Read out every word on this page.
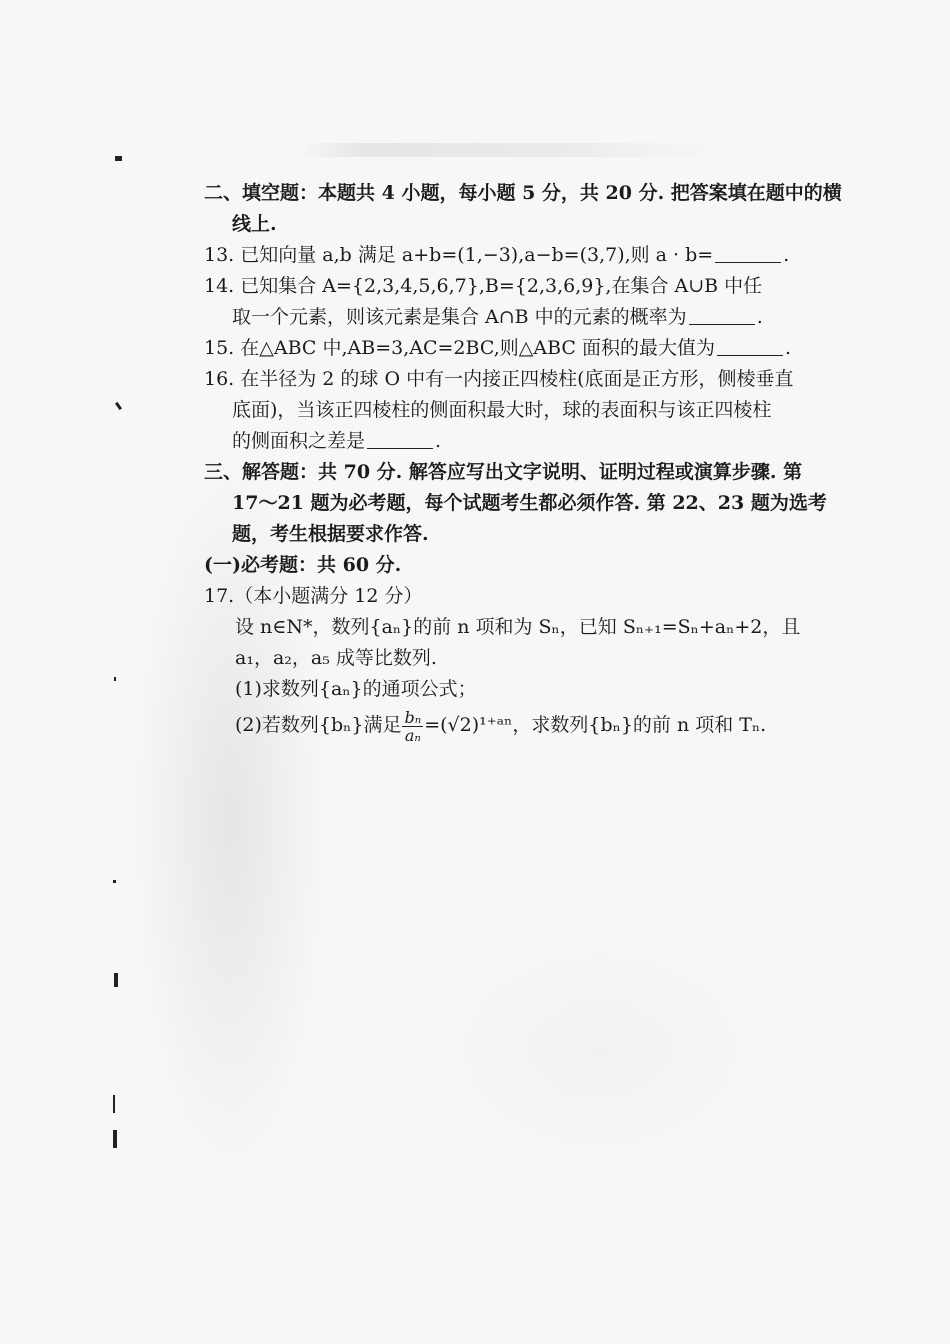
二、填空题：本题共 4 小题，每小题 5 分，共 20 分. 把答案填在题中的横
线上.
13. 已知向量 a,b 满足 a+b=(1,−3),a−b=(3,7),则 a · b=	.
14. 已知集合 A={2,3,4,5,6,7},B={2,3,6,9},在集合 A∪B 中任
取一个元素，则该元素是集合 A∩B 中的元素的概率为	.
15. 在△ABC 中,AB=3,AC=2BC,则△ABC 面积的最大值为	.
16. 在半径为 2 的球 O 中有一内接正四棱柱(底面是正方形，侧棱垂直
底面)，当该正四棱柱的侧面积最大时，球的表面积与该正四棱柱
的侧面积之差是	.
三、解答题：共 70 分. 解答应写出文字说明、证明过程或演算步骤. 第
17～21 题为必考题，每个试题考生都必须作答. 第 22、23 题为选考
题，考生根据要求作答.
(一)必考题：共 60 分.
17.（本小题满分 12 分）
设 n∈N*，数列{aₙ}的前 n 项和为 Sₙ，已知 Sₙ₊₁=Sₙ+aₙ+2，且
a₁，a₂，a₅ 成等比数列.
(1)求数列{aₙ}的通项公式；
(2)若数列{bₙ}满足 $\frac{\text{bₙ}}{\text{aₙ}}$ =(√2)¹⁺ᵃⁿ，求数列{bₙ}的前 n 项和 Tₙ.
